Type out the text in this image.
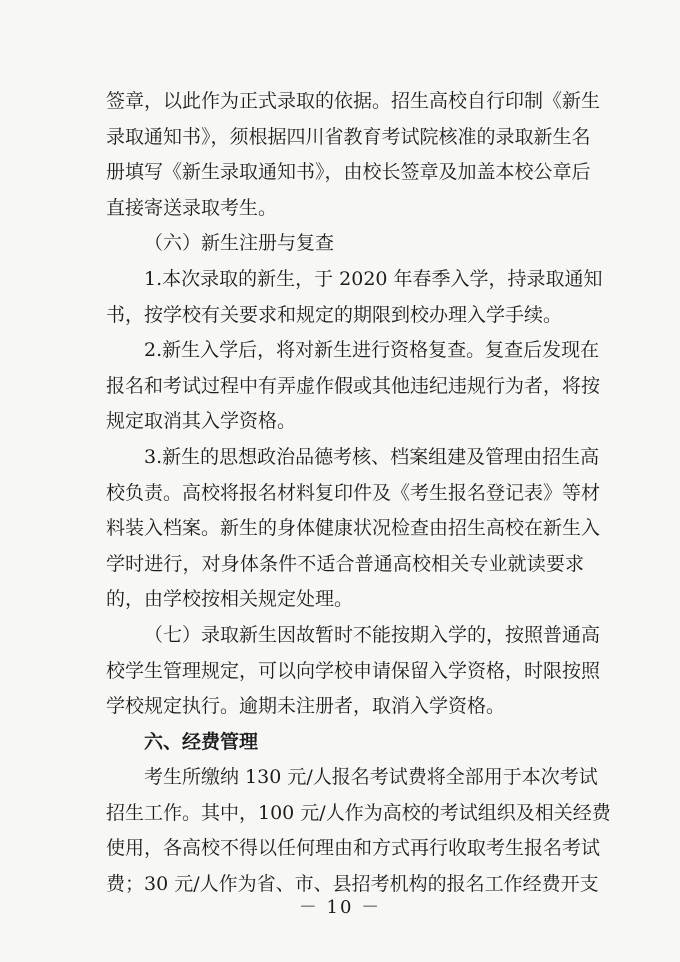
签章，以此作为正式录取的依据。招生高校自行印制《新生
录取通知书》，须根据四川省教育考试院核准的录取新生名
册填写《新生录取通知书》，由校长签章及加盖本校公章后
直接寄送录取考生。
（六）新生注册与复查
1.本次录取的新生，于 2020 年春季入学，持录取通知
书，按学校有关要求和规定的期限到校办理入学手续。
2.新生入学后，将对新生进行资格复查。复查后发现在
报名和考试过程中有弄虚作假或其他违纪违规行为者，将按
规定取消其入学资格。
3.新生的思想政治品德考核、档案组建及管理由招生高
校负责。高校将报名材料复印件及《考生报名登记表》等材
料装入档案。新生的身体健康状况检查由招生高校在新生入
学时进行，对身体条件不适合普通高校相关专业就读要求
的，由学校按相关规定处理。
（七）录取新生因故暂时不能按期入学的，按照普通高
校学生管理规定，可以向学校申请保留入学资格，时限按照
学校规定执行。逾期未注册者，取消入学资格。
六、经费管理
考生所缴纳 130 元/人报名考试费将全部用于本次考试
招生工作。其中，100 元/人作为高校的考试组织及相关经费
使用，各高校不得以任何理由和方式再行收取考生报名考试
费；30 元/人作为省、市、县招考机构的报名工作经费开支
－ 10 －
